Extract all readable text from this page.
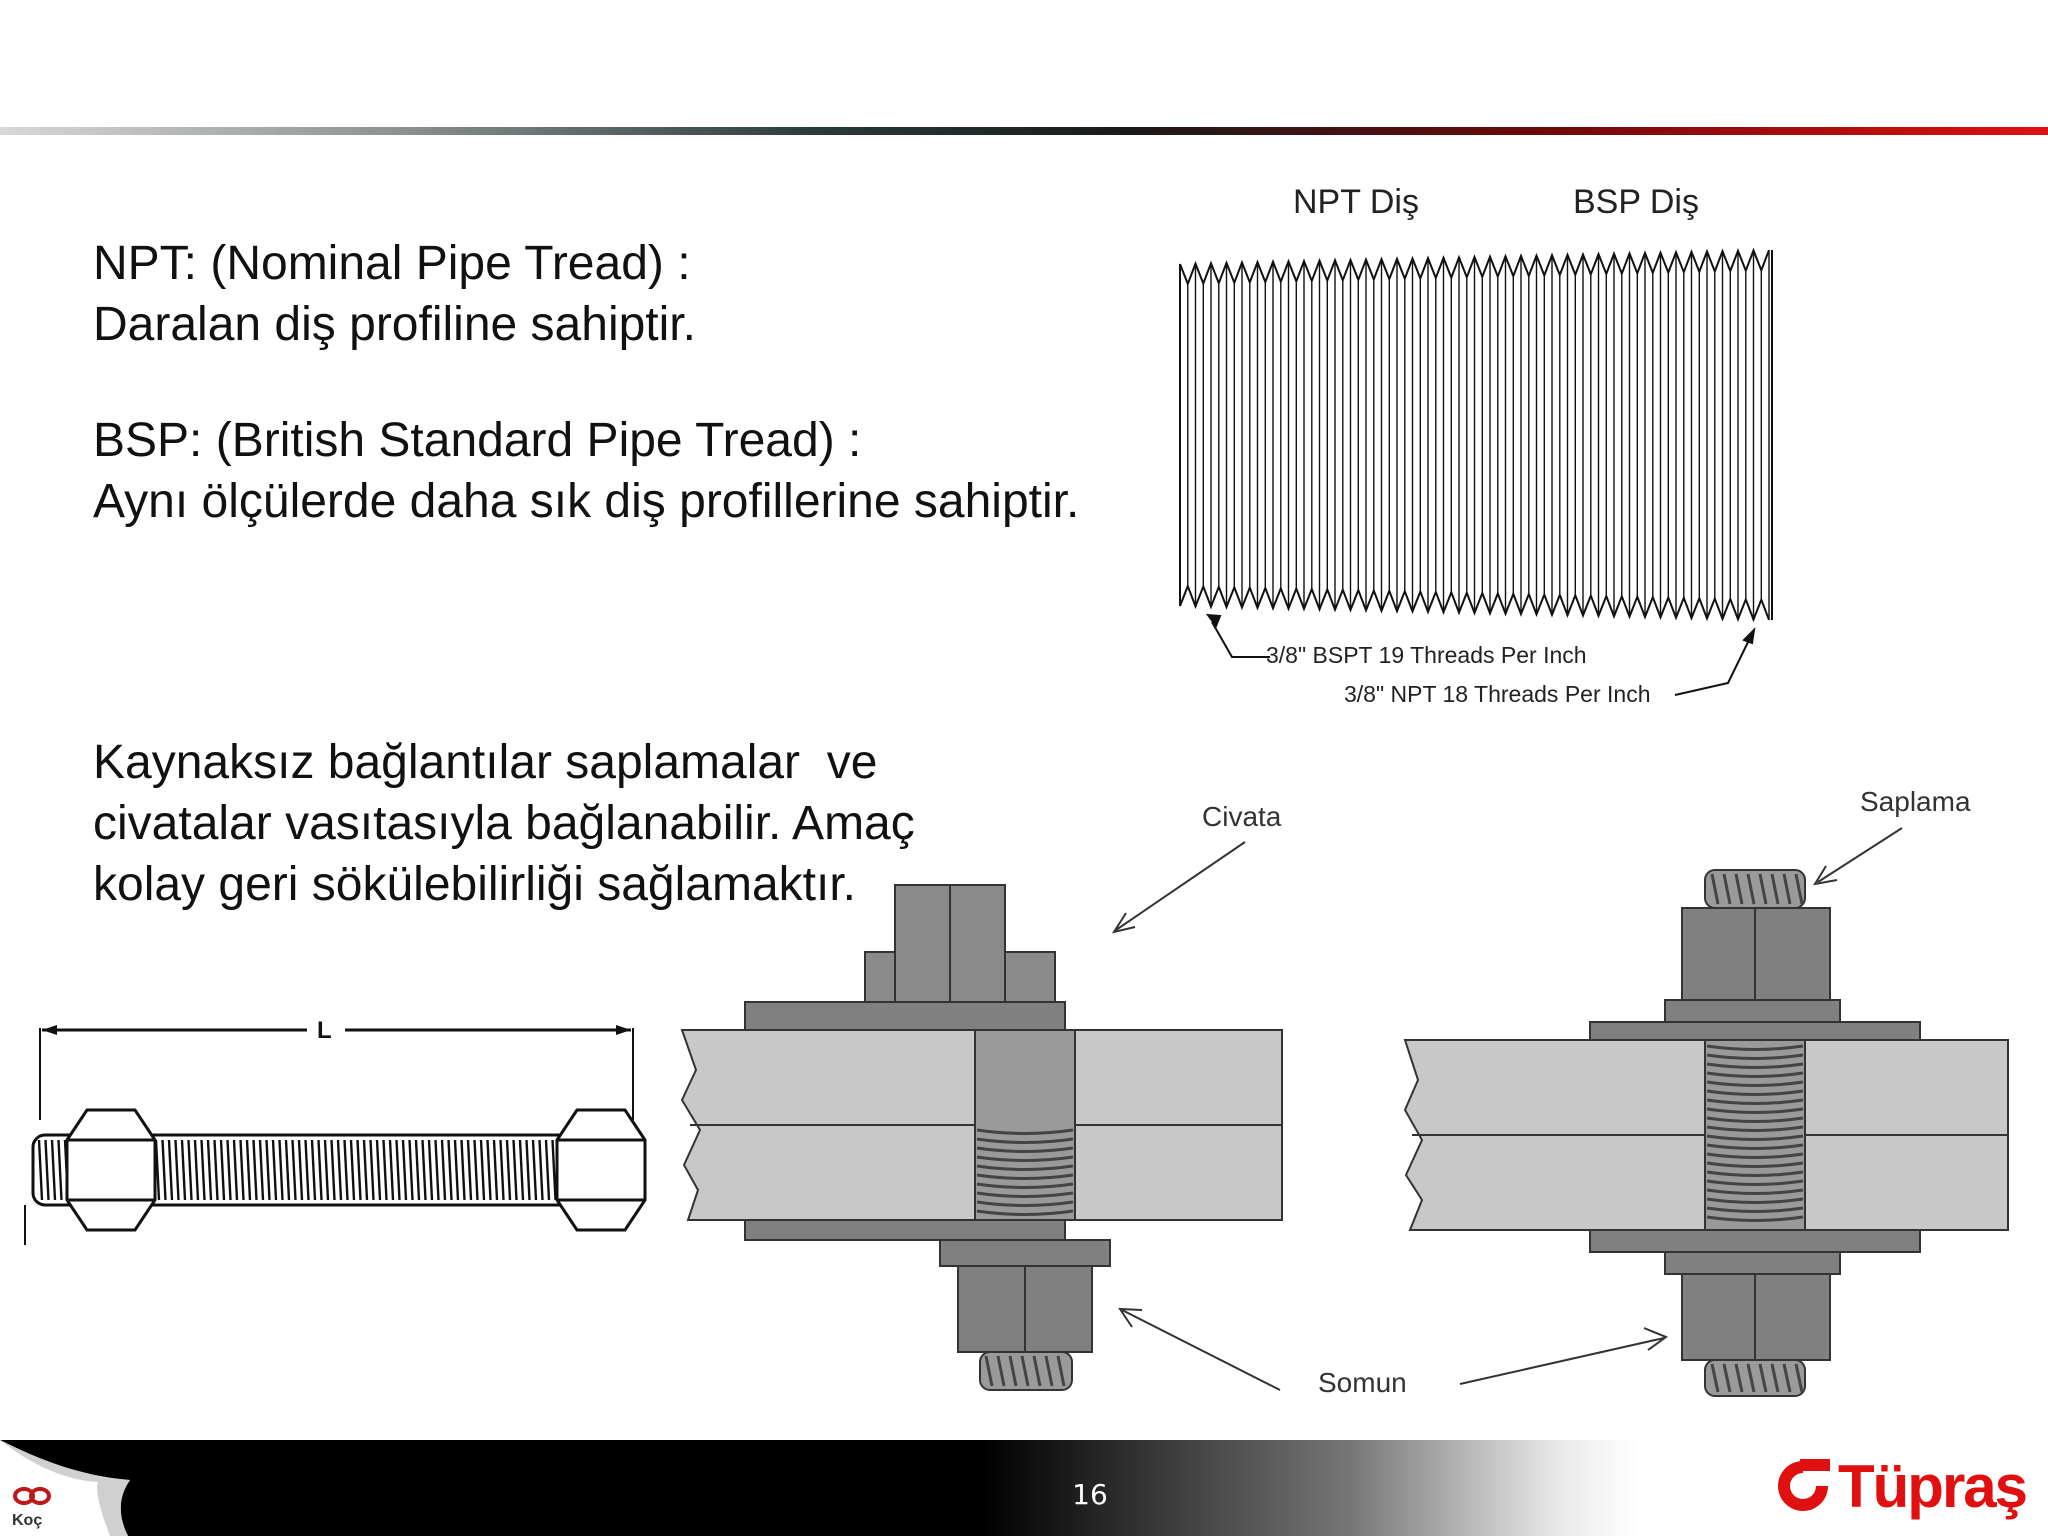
NPT: (Nominal Pipe Tread) :
Daralan diş profiline sahiptir.
BSP: (British Standard Pipe Tread) :
Aynı ölçülerde daha sık diş profillerine sahiptir.
Kaynaksız bağlantılar saplamalar  ve
civatalar vasıtasıyla bağlanabilir. Amaç
kolay geri sökülebilirliği sağlamaktır.
NPT Diş	BSP Diş
3/8" BSPT 19 Threads Per Inch
3/8" NPT 18 Threads Per Inch
L
Civata	Saplama
Somun
Koç
16	Tüpraş
